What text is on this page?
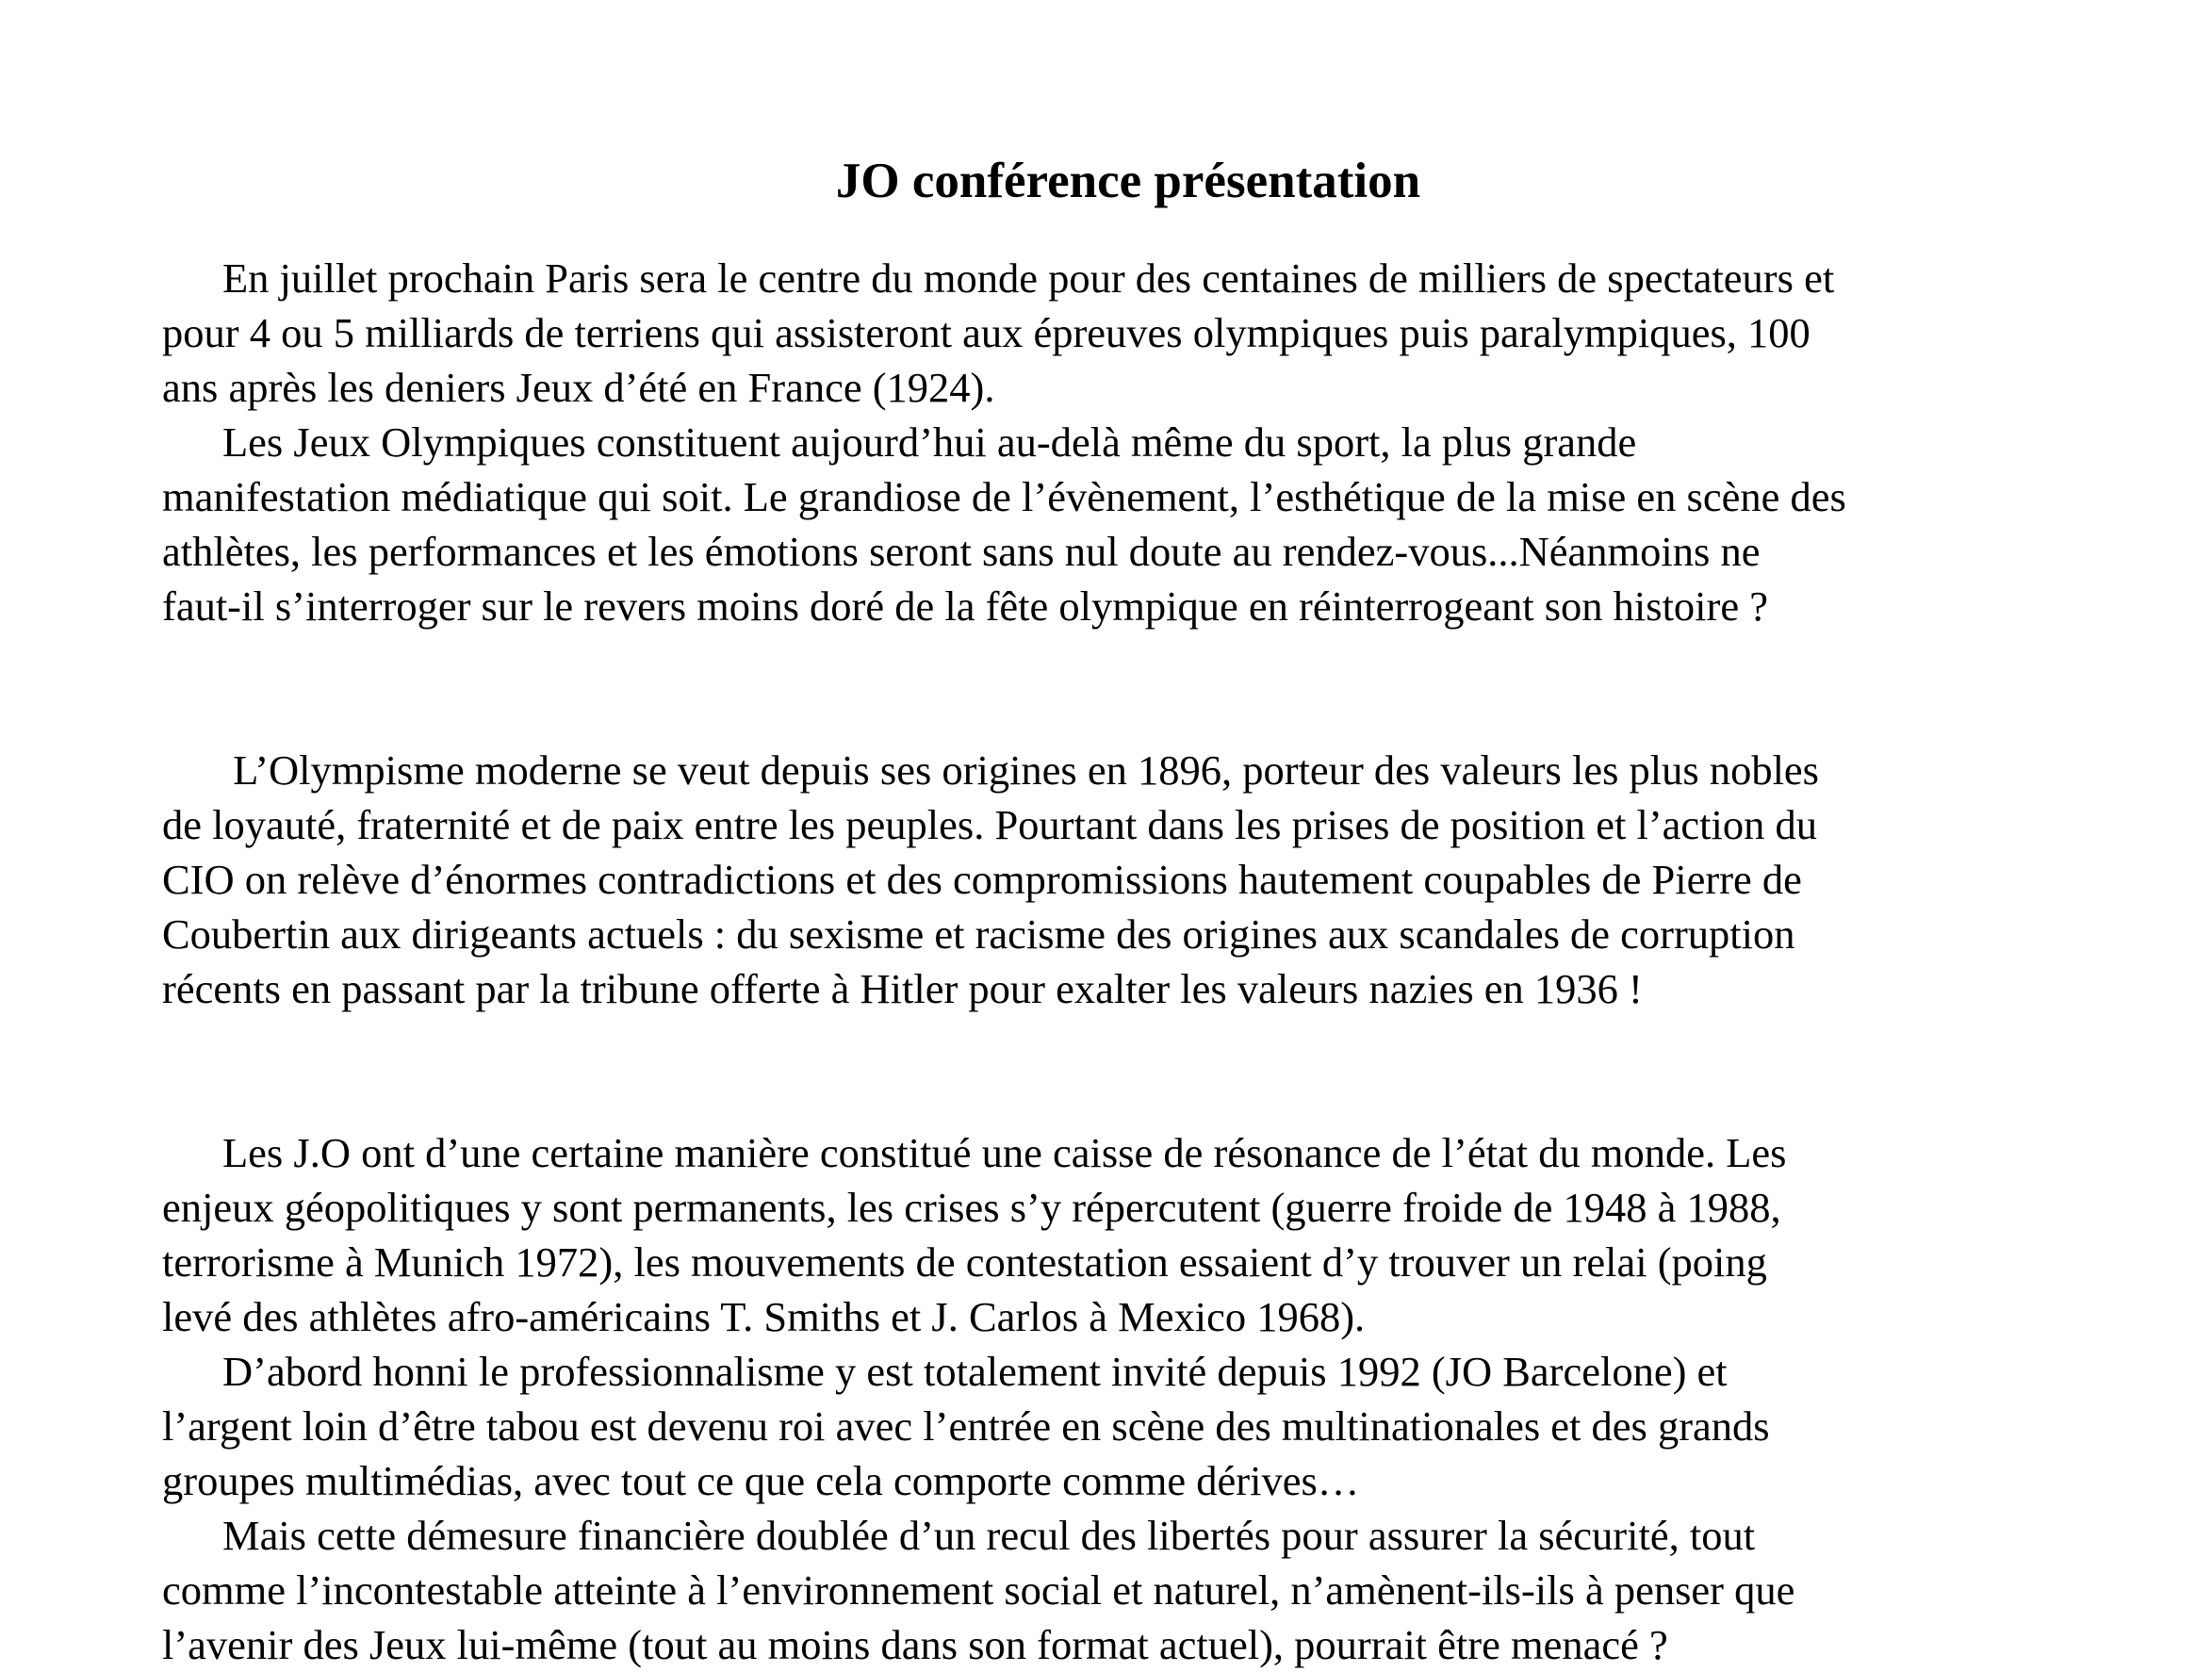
JO conférence présentation

En juillet prochain Paris sera le centre du monde pour des centaines de milliers de spectateurs et
pour 4 ou 5 milliards de terriens qui assisteront aux épreuves olympiques puis paralympiques, 100
ans après les deniers Jeux d’été en France (1924).

Les Jeux Olympiques constituent aujourd’hui au-delà même du sport, la plus grande
manifestation médiatique qui soit. Le grandiose de l’évènement, l’esthétique de la mise en scène des
athlètes, les performances et les émotions seront sans nul doute au rendez-vous...Néanmoins ne
faut-il s’interroger sur le revers moins doré de la fête olympique en réinterrogeant son histoire ?

L’Olympisme moderne se veut depuis ses origines en 1896, porteur des valeurs les plus nobles
de loyauté, fraternité et de paix entre les peuples. Pourtant dans les prises de position et l’action du
CIO on relève d’énormes contradictions et des compromissions hautement coupables de Pierre de
Coubertin aux dirigeants actuels : du sexisme et racisme des origines aux scandales de corruption
récents en passant par la tribune offerte à Hitler pour exalter les valeurs nazies en 1936 !

Les J.O ont d’une certaine manière constitué une caisse de résonance de l’état du monde. Les
enjeux géopolitiques y sont permanents, les crises s’y répercutent (guerre froide de 1948 à 1988,
terrorisme à Munich 1972), les mouvements de contestation essaient d’y trouver un relai (poing
levé des athlètes afro-américains T. Smiths et J. Carlos à Mexico 1968).

D’abord honni le professionnalisme y est totalement invité depuis 1992 (JO Barcelone) et
l’argent loin d’être tabou est devenu roi avec l’entrée en scène des multinationales et des grands
groupes multimédias, avec tout ce que cela comporte comme dérives…

Mais cette démesure financière doublée d’un recul des libertés pour assurer la sécurité, tout
comme l’incontestable atteinte à l’environnement social et naturel, n’amènent-ils-ils à penser que
l’avenir des Jeux lui-même (tout au moins dans son format actuel), pourrait être menacé ?
